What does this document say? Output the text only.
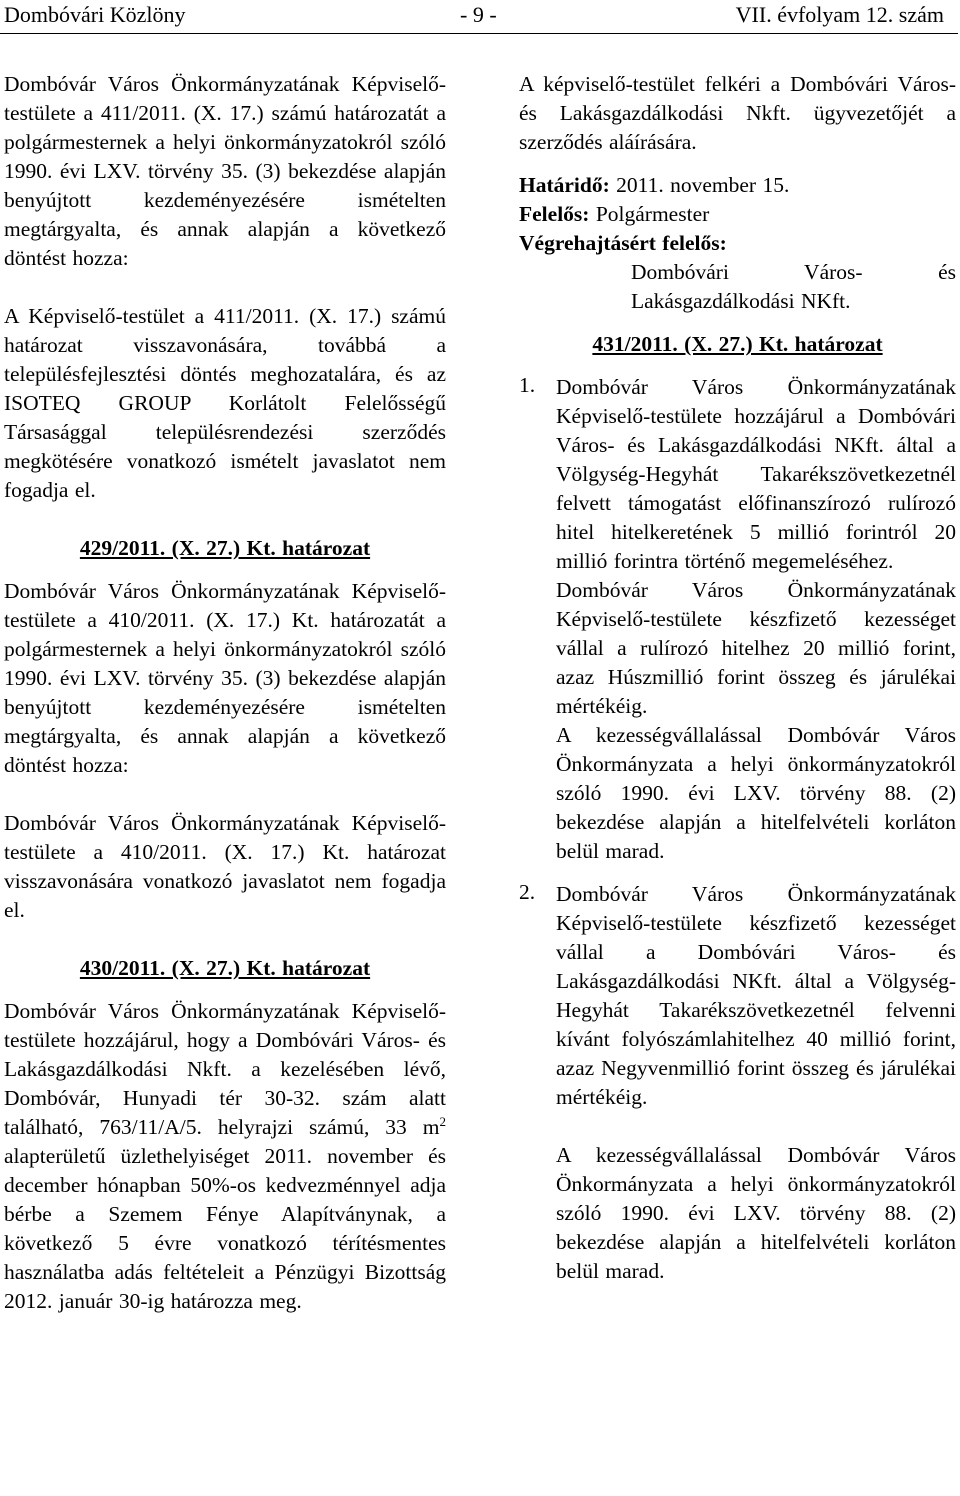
Dombóvári Közlöny	- 9 -	VII. évfolyam 12. szám

Dombóvár Város Önkormányzatának Képviselő-testülete a 411/2011. (X. 17.) számú határozatát a polgármesternek a helyi önkormányzatokról szóló 1990. évi LXV. törvény 35. (3) bekezdése alapján benyújtott kezdeményezésére ismételten megtárgyalta, és annak alapján a következő döntést hozza:

A Képviselő-testület a 411/2011. (X. 17.) számú határozat visszavonására, továbbá a településfejlesztési döntés meghozatalára, és az ISOTEQ GROUP Korlátolt Felelősségű Társasággal településrendezési szerződés megkötésére vonatkozó ismételt javaslatot nem fogadja el.

429/2011. (X. 27.) Kt. határozat

Dombóvár Város Önkormányzatának Képviselő-testülete a 410/2011. (X. 17.) Kt. határozatát a polgármesternek a helyi önkormányzatokról szóló 1990. évi LXV. törvény 35. (3) bekezdése alapján benyújtott kezdeményezésére ismételten megtárgyalta, és annak alapján a következő döntést hozza:

Dombóvár Város Önkormányzatának Képviselő-testülete a 410/2011. (X. 17.) Kt. határozat visszavonására vonatkozó javaslatot nem fogadja el.

430/2011. (X. 27.) Kt. határozat

Dombóvár Város Önkormányzatának Képviselő-testülete hozzájárul, hogy a Dombóvári Város- és Lakásgazdálkodási Nkft. a kezelésében lévő, Dombóvár, Hunyadi tér 30-32. szám alatt található, 763/11/A/5. helyrajzi számú, 33 $m^2$ alapterületű üzlethelyiséget 2011. november és december hónapban 50%-os kedvezménnyel adja bérbe a Szemem Fénye Alapítványnak, a következő 5 évre vonatkozó térítésmentes használatba adás feltételeit a Pénzügyi Bizottság 2012. január 30-ig határozza meg.

A képviselő-testület felkéri a Dombóvári Város- és Lakásgazdálkodási Nkft. ügyvezetőjét a szerződés aláírására.

Határidő: 2011. november 15.

Felelős: Polgármester

Végrehajtásért felelős:

Dombóvári Város- és Lakásgazdálkodási NKft.

431/2011. (X. 27.) Kt. határozat

1. Dombóvár Város Önkormányzatának Képviselő-testülete hozzájárul a Dombóvári Város- és Lakásgazdálkodási NKft. által a Völgység-Hegyhát Takarékszövetkezetnél felvett támogatást előfinanszírozó rulírozó hitel hitelkeretének 5 millió forintról 20 millió forintra történő megemeléséhez.

Dombóvár Város Önkormányzatának Képviselő-testülete készfizető kezességet vállal a rulírozó hitelhez 20 millió forint, azaz Húszmillió forint összeg és járulékai mértékéig.

A kezességvállalással Dombóvár Város Önkormányzata a helyi önkormányzatokról szóló 1990. évi LXV. törvény 88. (2) bekezdése alapján a hitelfelvételi korláton belül marad.

2. Dombóvár Város Önkormányzatának Képviselő-testülete készfizető kezességet vállal a Dombóvári Város- és Lakásgazdálkodási NKft. által a Völgység-Hegyhát Takarékszövetkezetnél felvenni kívánt folyószámlahitelhez 40 millió forint, azaz Negyvenmillió forint összeg és járulékai mértékéig.

A kezességvállalással Dombóvár Város Önkormányzata a helyi önkormányzatokról szóló 1990. évi LXV. törvény 88. (2) bekezdése alapján a hitelfelvételi korláton belül marad.
